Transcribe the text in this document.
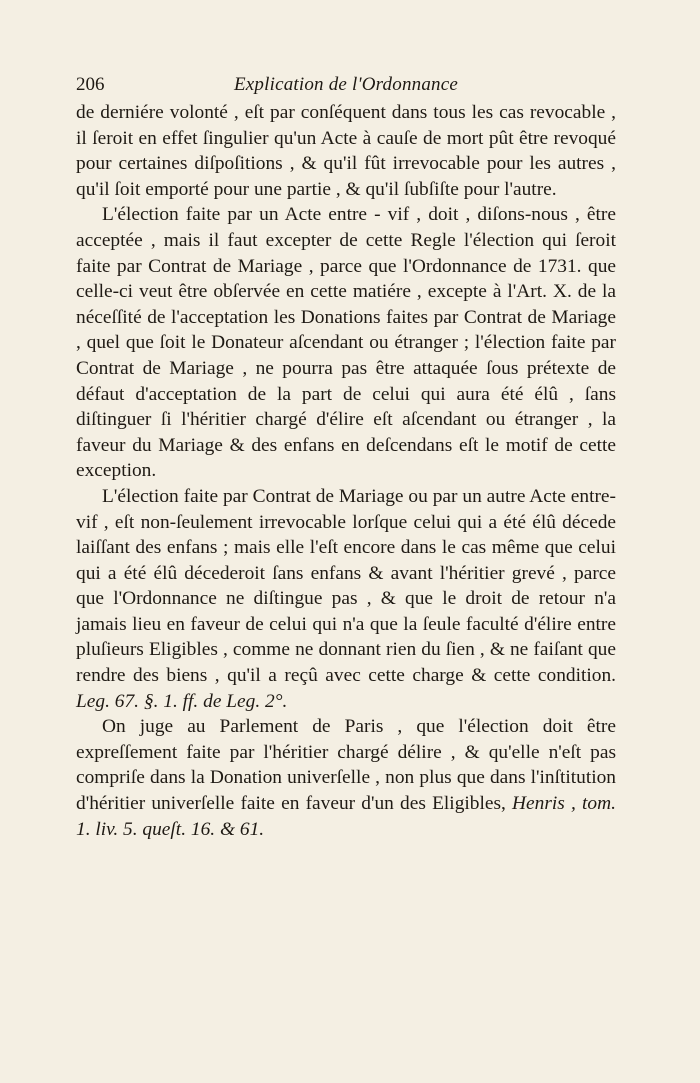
206	Explication de l'Ordonnance

de derniére volonté , eſt par conſéquent dans tous les cas revocable , il ſeroit en effet ſingulier qu'un Acte à cauſe de mort pût être revoqué pour certaines diſpoſitions , & qu'il fût irrevocable pour les autres , qu'il ſoit emporté pour une partie , & qu'il ſubſiſte pour l'autre.

L'élection faite par un Acte entre - vif , doit , diſons-nous , être acceptée , mais il faut excepter de cette Regle l'élection qui ſeroit faite par Contrat de Mariage , parce que l'Ordonnance de 1731. que celle-ci veut être obſervée en cette matiére , excepte à l'Art. X. de la néceſſité de l'acceptation les Donations faites par Contrat de Mariage , quel que ſoit le Donateur aſcendant ou étranger ; l'élection faite par Contrat de Mariage , ne pourra pas être attaquée ſous prétexte de défaut d'acceptation de la part de celui qui aura été élû , ſans diſtinguer ſi l'héritier chargé d'élire eſt aſcendant ou étranger , la faveur du Mariage & des enfans en deſcendans eſt le motif de cette exception.

L'élection faite par Contrat de Mariage ou par un autre Acte entre-vif , eſt non-ſeulement irrevocable lorſque celui qui a été élû décede laiſſant des enfans ; mais elle l'eſt encore dans le cas même que celui qui a été élû décederoit ſans enfans & avant l'héritier grevé , parce que l'Ordonnance ne diſtingue pas , & que le droit de retour n'a jamais lieu en faveur de celui qui n'a que la ſeule faculté d'élire entre pluſieurs Eligibles , comme ne donnant rien du ſien , & ne faiſant que rendre des biens , qu'il a reçû avec cette charge & cette condition. Leg. 67. §. 1. ff. de Leg. 2°.

On juge au Parlement de Paris , que l'élection doit être expreſſement faite par l'héritier chargé délire , & qu'elle n'eſt pas compriſe dans la Donation univerſelle , non plus que dans l'inſtitution d'héritier univerſelle faite en faveur d'un des Eligibles, Henris , tom. 1. liv. 5. queſt. 16. & 61.
